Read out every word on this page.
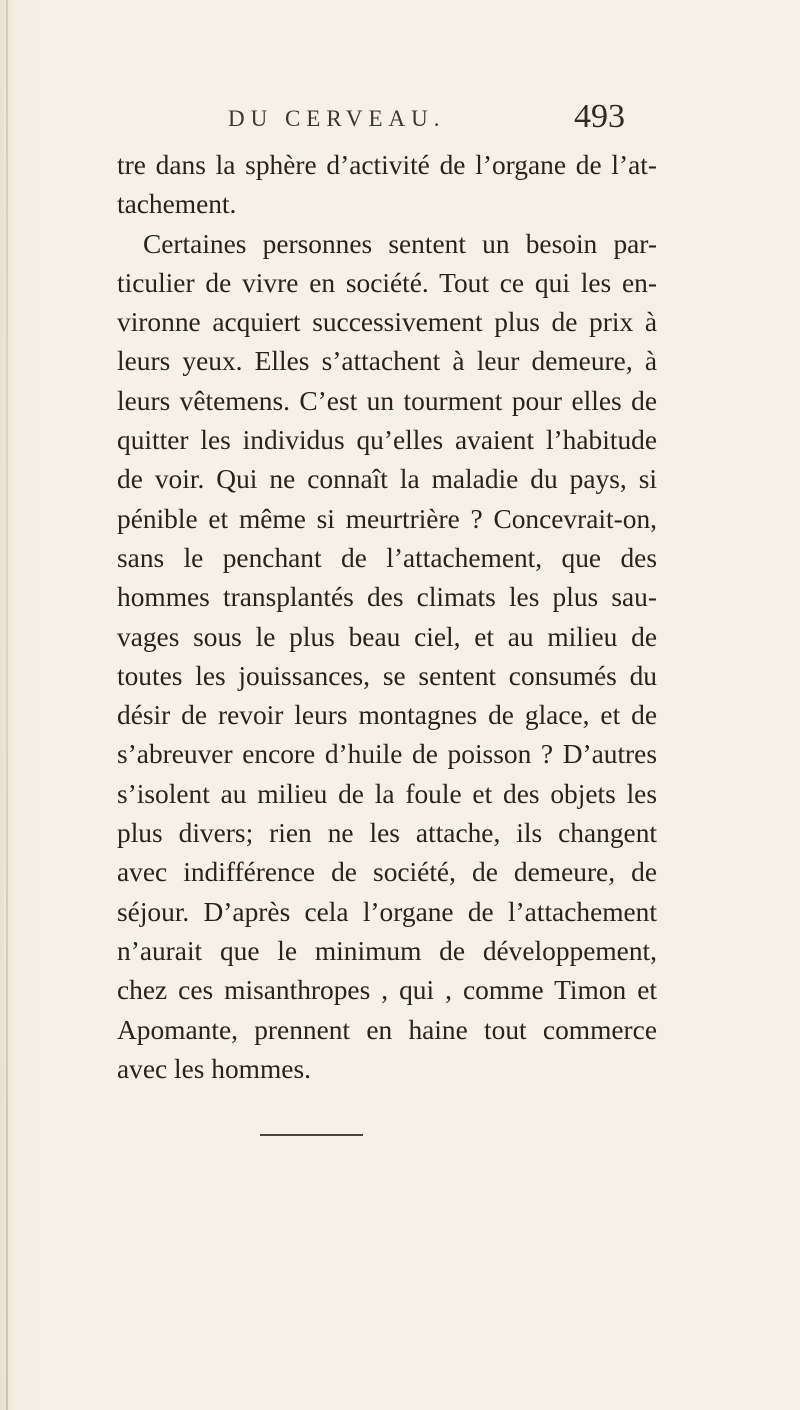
DU CERVEAU.	493
tre dans la sphère d’activité de l’organe de l’at-
tachement.
Certaines personnes sentent un besoin par-
ticulier de vivre en société. Tout ce qui les en-
vironne acquiert successivement plus de prix à
leurs yeux. Elles s’attachent à leur demeure, à
leurs vêtemens. C’est un tourment pour elles de
quitter les individus qu’elles avaient l’habitude
de voir. Qui ne connaît la maladie du pays, si
pénible et même si meurtrière ? Concevrait-on,
sans le penchant de l’attachement, que des
hommes transplantés des climats les plus sau-
vages sous le plus beau ciel, et au milieu de
toutes les jouissances, se sentent consumés du
désir de revoir leurs montagnes de glace, et de
s’abreuver encore d’huile de poisson ? D’autres
s’isolent au milieu de la foule et des objets les
plus divers; rien ne les attache, ils changent
avec indifférence de société, de demeure, de
séjour. D’après cela l’organe de l’attachement
n’aurait que le minimum de développement,
chez ces misanthropes , qui , comme Timon et
Apomante, prennent en haine tout commerce
avec les hommes.
